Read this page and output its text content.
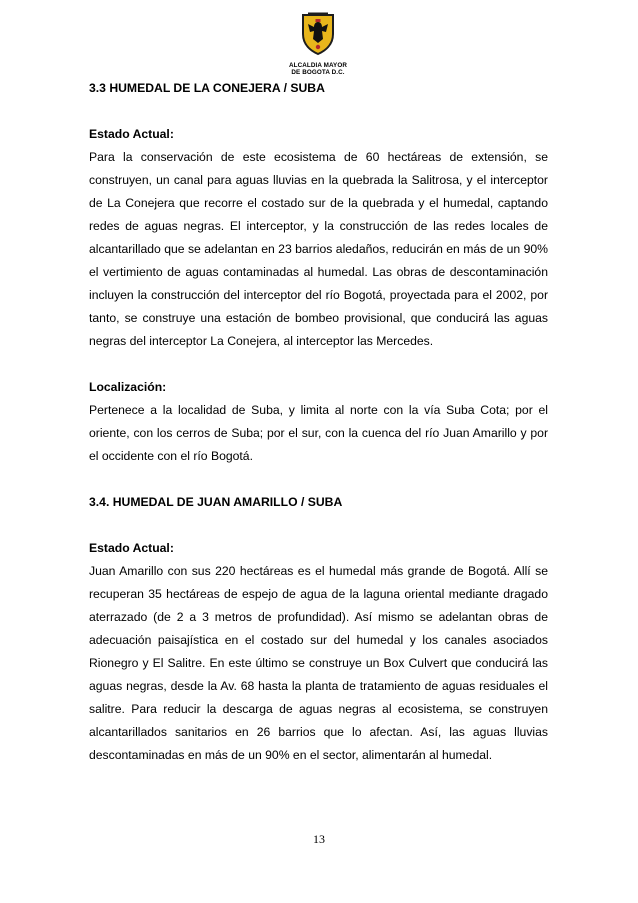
ALCALDIA MAYOR
DE BOGOTA D.C.
3.3 HUMEDAL DE LA CONEJERA / SUBA
Estado Actual:

Para la conservación de este ecosistema de 60 hectáreas de extensión, se construyen, un canal para aguas lluvias en la quebrada la Salitrosa, y el interceptor de La Conejera que recorre el costado sur de la quebrada y el humedal, captando redes de aguas negras. El interceptor, y la construcción de las redes locales de alcantarillado que se adelantan en 23 barrios aledaños, reducirán en más de un 90% el vertimiento de aguas contaminadas al humedal. Las obras de descontaminación incluyen la construcción del interceptor del río Bogotá, proyectada para el 2002, por tanto, se construye una estación de bombeo provisional, que conducirá las aguas negras del interceptor La Conejera, al interceptor las Mercedes.

Localización:

Pertenece a la localidad de Suba, y limita al norte con la vía Suba Cota; por el oriente, con los cerros de Suba; por el sur, con la cuenca del río Juan Amarillo y por el occidente con el río Bogotá.

3.4. HUMEDAL DE JUAN AMARILLO / SUBA
Estado Actual:

Juan Amarillo con sus 220 hectáreas es el humedal más grande de Bogotá. Allí se recuperan 35 hectáreas de espejo de agua de la laguna oriental mediante dragado aterrazado (de 2 a 3 metros de profundidad). Así mismo se adelantan obras de adecuación paisajística en el costado sur del humedal y los canales asociados Rionegro y El Salitre. En este último se construye un Box Culvert que conducirá las aguas negras, desde la Av. 68 hasta la planta de tratamiento de aguas residuales el salitre. Para reducir la descarga de aguas negras al ecosistema, se construyen alcantarillados sanitarios en 26 barrios que lo afectan. Así, las aguas lluvias descontaminadas en más de un 90% en el sector, alimentarán al humedal.

13
